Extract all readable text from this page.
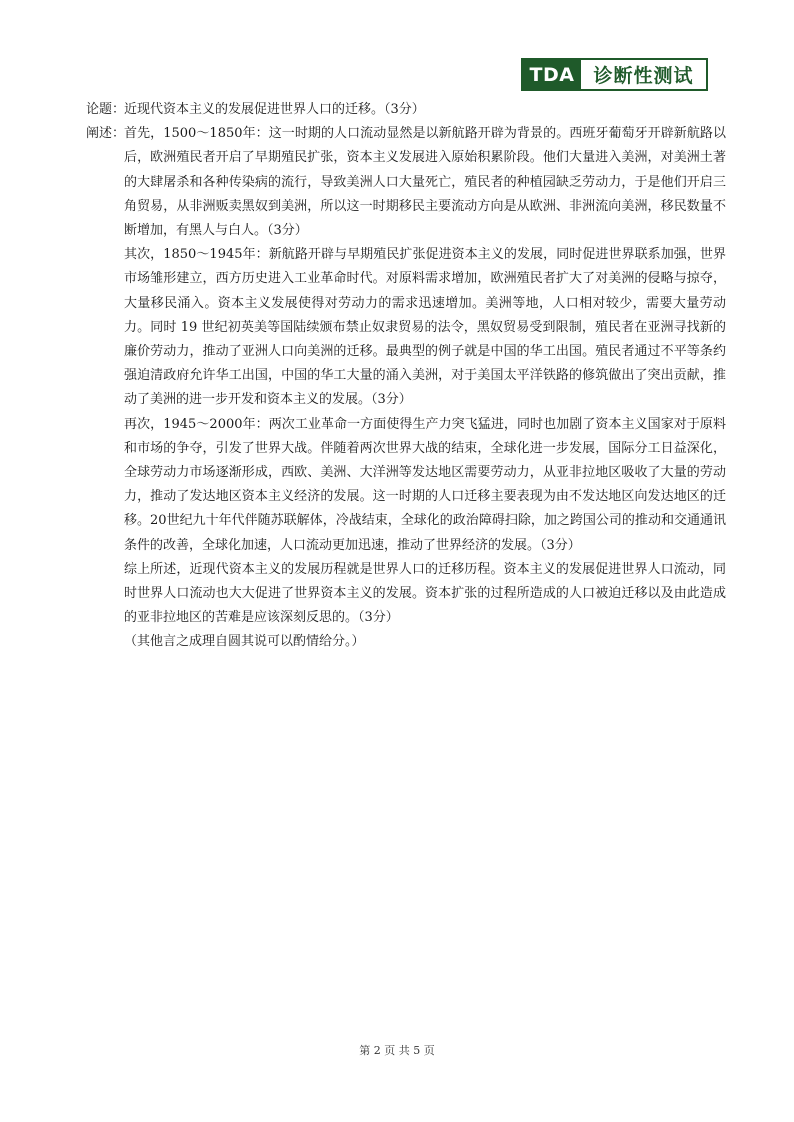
TDA	诊断性测试
论题：
近现代资本主义的发展促进世界人口的迁移。（3分）
阐述：
首先，1500～1850年：这一时期的人口流动显然是以新航路开辟为背景的。西班牙葡萄牙开辟新航路以后，欧洲殖民者开启了早期殖民扩张，资本主义发展进入原始积累阶段。他们大量进入美洲，对美洲土著的大肆屠杀和各种传染病的流行，导致美洲人口大量死亡，殖民者的种植园缺乏劳动力，于是他们开启三角贸易，从非洲贩卖黑奴到美洲，所以这一时期移民主要流动方向是从欧洲、非洲流向美洲，移民数量不断增加，有黑人与白人。（3分）
其次，1850～1945年：新航路开辟与早期殖民扩张促进资本主义的发展，同时促进世界联系加强，世界市场雏形建立，西方历史进入工业革命时代。对原料需求增加，欧洲殖民者扩大了对美洲的侵略与掠夺，大量移民涌入。资本主义发展使得对劳动力的需求迅速增加。美洲等地，人口相对较少，需要大量劳动力。同时 19 世纪初英美等国陆续颁布禁止奴隶贸易的法令，黑奴贸易受到限制，殖民者在亚洲寻找新的廉价劳动力，推动了亚洲人口向美洲的迁移。最典型的例子就是中国的华工出国。殖民者通过不平等条约强迫清政府允许华工出国，中国的华工大量的涌入美洲，对于美国太平洋铁路的修筑做出了突出贡献，推动了美洲的进一步开发和资本主义的发展。（3分）
再次，1945～2000年：两次工业革命一方面使得生产力突飞猛进，同时也加剧了资本主义国家对于原料和市场的争夺，引发了世界大战。伴随着两次世界大战的结束，全球化进一步发展，国际分工日益深化，全球劳动力市场逐渐形成，西欧、美洲、大洋洲等发达地区需要劳动力，从亚非拉地区吸收了大量的劳动力，推动了发达地区资本主义经济的发展。这一时期的人口迁移主要表现为由不发达地区向发达地区的迁移。20世纪九十年代伴随苏联解体，冷战结束，全球化的政治障碍扫除，加之跨国公司的推动和交通通讯条件的改善，全球化加速，人口流动更加迅速，推动了世界经济的发展。（3分）
综上所述，近现代资本主义的发展历程就是世界人口的迁移历程。资本主义的发展促进世界人口流动，同时世界人口流动也大大促进了世界资本主义的发展。资本扩张的过程所造成的人口被迫迁移以及由此造成的亚非拉地区的苦难是应该深刻反思的。（3分）
（其他言之成理自圆其说可以酌情给分。）
第 2 页 共 5 页
